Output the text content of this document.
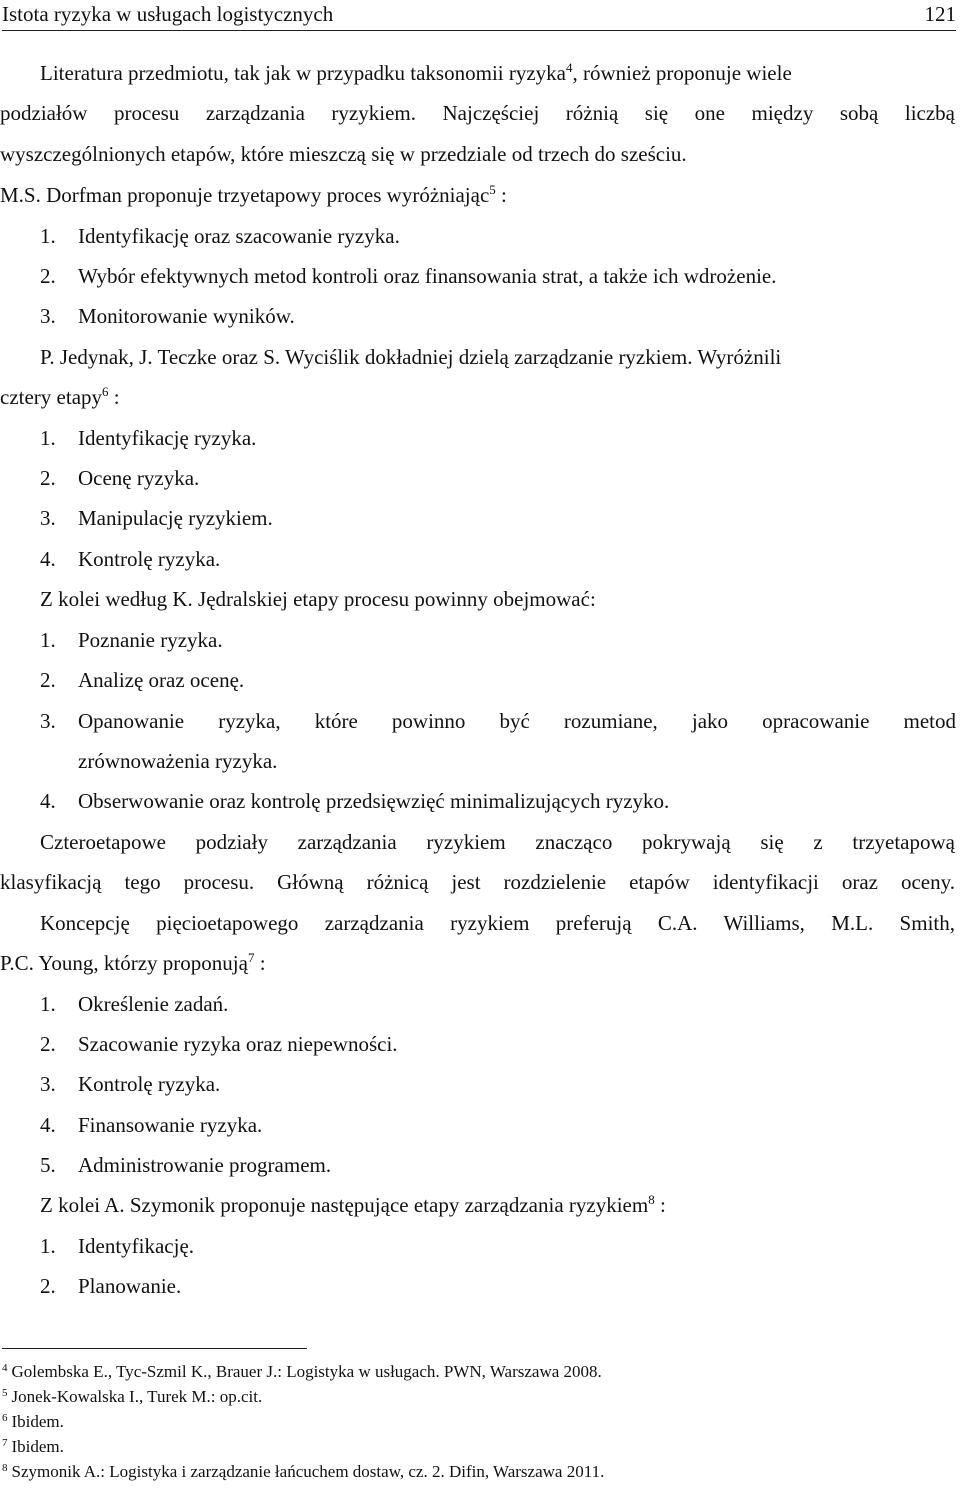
Istota ryzyka w usługach logistycznych	121
Literatura przedmiotu, tak jak w przypadku taksonomii ryzyka$^4$, również proponuje wiele
podziałów procesu zarządzania ryzykiem. Najczęściej różnią się one między sobą liczbą
wyszczególnionych etapów, które mieszczą się w przedziale od trzech do sześciu.
M.S. Dorfman proponuje trzyetapowy proces wyróżniając$^5$ :
1. Identyfikację oraz szacowanie ryzyka.
2. Wybór efektywnych metod kontroli oraz finansowania strat, a także ich wdrożenie.
3. Monitorowanie wyników.
P. Jedynak, J. Teczke oraz S. Wyciślik dokładniej dzielą zarządzanie ryzkiem. Wyróżnili
cztery etapy$^6$ :
1. Identyfikację ryzyka.
2. Ocenę ryzyka.
3. Manipulację ryzykiem.
4. Kontrolę ryzyka.
Z kolei według K. Jędralskiej etapy procesu powinny obejmować:
1. Poznanie ryzyka.
2. Analizę oraz ocenę.
3. Opanowanie ryzyka, które powinno być rozumiane, jako opracowanie metod
zrównoważenia ryzyka.
4. Obserwowanie oraz kontrolę przedsięwzięć minimalizujących ryzyko.
Czteroetapowe podziały zarządzania ryzykiem znacząco pokrywają się z trzyetapową
klasyfikacją tego procesu. Główną różnicą jest rozdzielenie etapów identyfikacji oraz oceny.
Koncepcję pięcioetapowego zarządzania ryzykiem preferują C.A. Williams, M.L. Smith,
P.C. Young, którzy proponują$^7$ :
1. Określenie zadań.
2. Szacowanie ryzyka oraz niepewności.
3. Kontrolę ryzyka.
4. Finansowanie ryzyka.
5. Administrowanie programem.
Z kolei A. Szymonik proponuje następujące etapy zarządzania ryzykiem$^8$ :
1. Identyfikację.
2. Planowanie.
$^4$ Golembska E., Tyc-Szmil K., Brauer J.: Logistyka w usługach. PWN, Warszawa 2008.
$^5$ Jonek-Kowalska I., Turek M.: op.cit.
$^6$ Ibidem.
$^7$ Ibidem.
$^8$ Szymonik A.: Logistyka i zarządzanie łańcuchem dostaw, cz. 2. Difin, Warszawa 2011.
